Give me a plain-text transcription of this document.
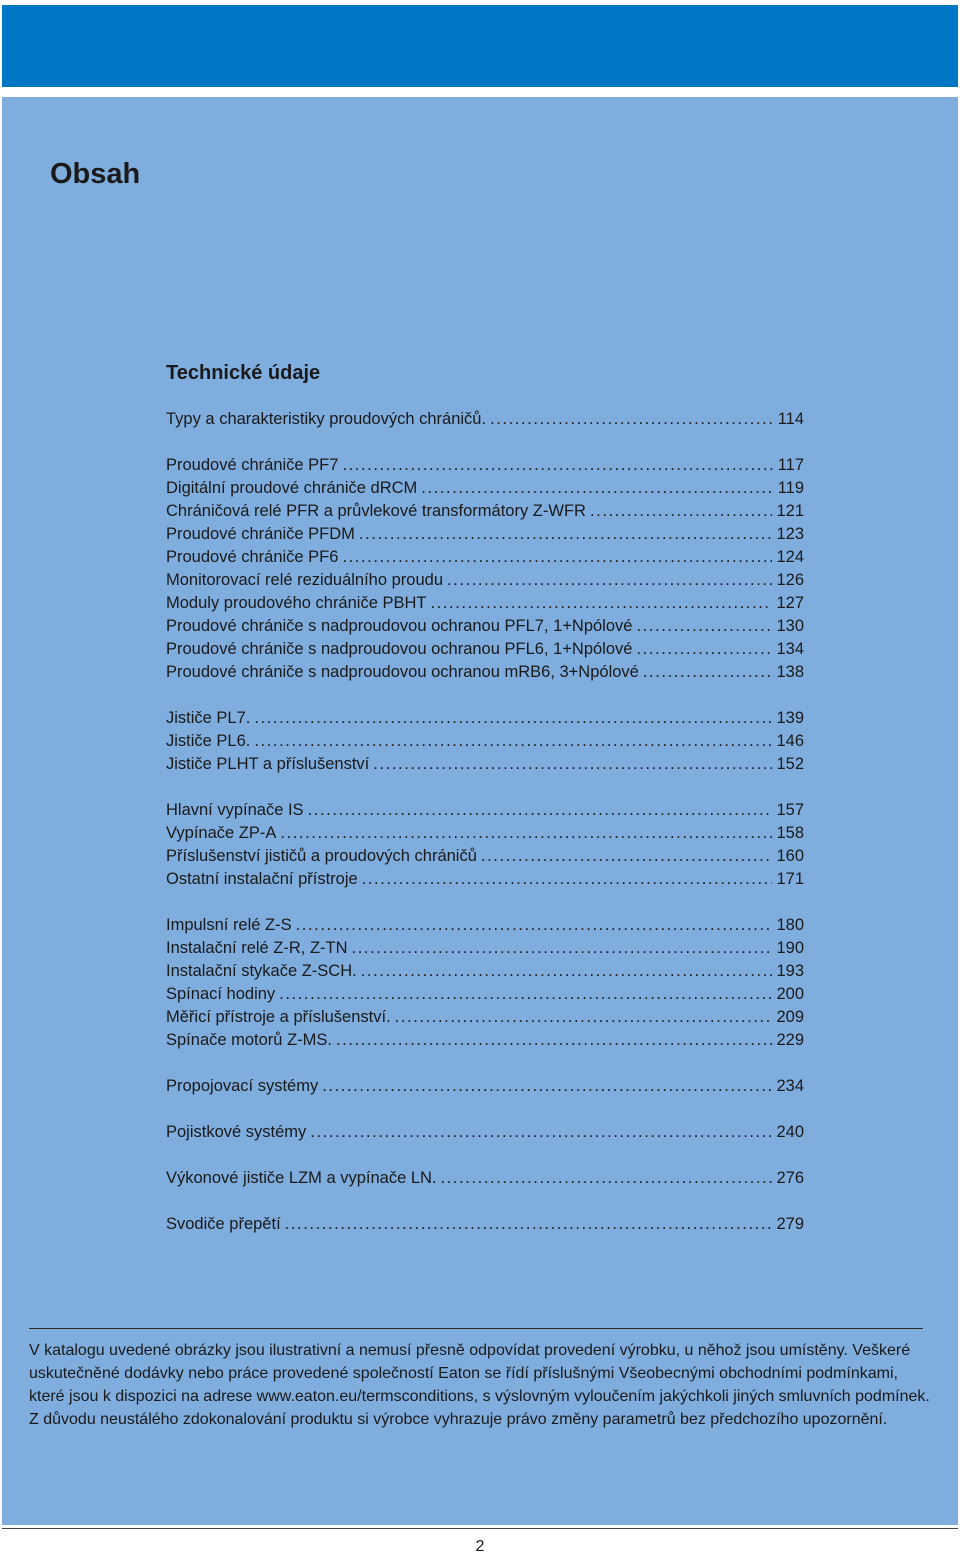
Obsah
Technické údaje
Typy a charakteristiky proudových chráničů. .....	114
Proudové chrániče PF7 .....	117
Digitální proudové chrániče dRCM .....	119
Chráničová relé PFR a průvlekové transformátory Z-WFR .....	121
Proudové chrániče PFDM .....	123
Proudové chrániče PF6 .....	124
Monitorovací relé reziduálního proudu .....	126
Moduly proudového chrániče PBHT .....	127
Proudové chrániče s nadproudovou ochranou PFL7, 1+Npólové .....	130
Proudové chrániče s nadproudovou ochranou PFL6, 1+Npólové .....	134
Proudové chrániče s nadproudovou ochranou mRB6, 3+Npólové .....	138
Jističe PL7. .....	139
Jističe PL6. .....	146
Jističe PLHT a příslušenství .....	152
Hlavní vypínače IS .....	157
Vypínače ZP-A .....	158
Příslušenství jističů a proudových chráničů .....	160
Ostatní instalační přístroje .....	171
Impulsní relé Z-S .....	180
Instalační relé Z-R, Z-TN .....	190
Instalační stykače Z-SCH. .....	193
Spínací hodiny .....	200
Měřicí přístroje a příslušenství. .....	209
Spínače motorů Z-MS. .....	229
Propojovací systémy .....	234
Pojistkové systémy .....	240
Výkonové jističe LZM a vypínače LN. .....	276
Svodiče přepětí .....	279

V katalogu uvedené obrázky jsou ilustrativní a nemusí přesně odpovídat provedení výrobku, u něhož jsou umístěny. Veškeré uskutečněné dodávky nebo práce provedené společností Eaton se řídí příslušnými Všeobecnými obchodními podmínkami, které jsou k dispozici na adrese www.eaton.eu/termsconditions, s výslovným vyloučením jakýchkoli jiných smluvních podmínek.

Z důvodu neustálého zdokonalování produktu si výrobce vyhrazuje právo změny parametrů bez předchozího upozornění.

2
